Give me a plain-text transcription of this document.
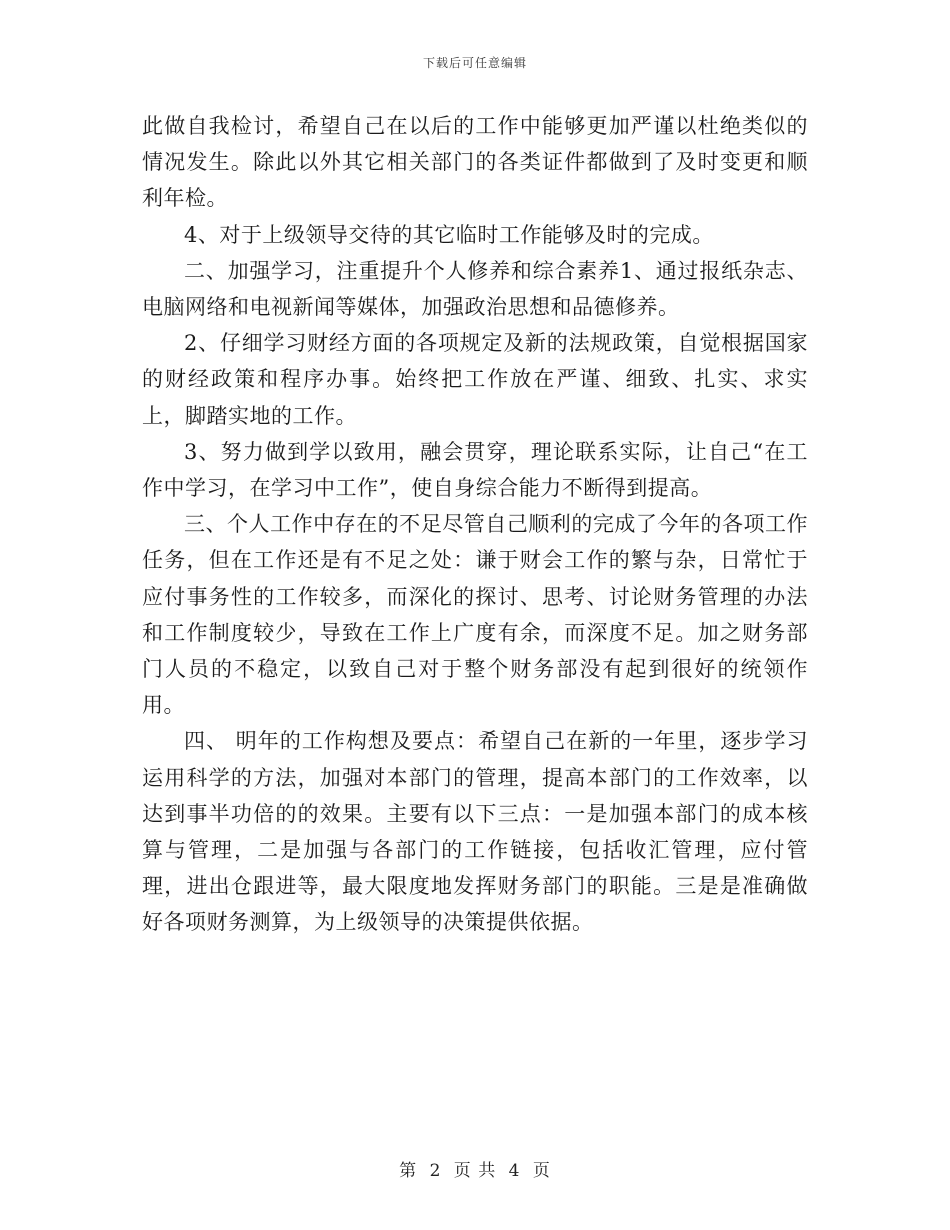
下载后可任意编辑

此做自我检讨，希望自己在以后的工作中能够更加严谨以杜绝类似的情况发生。除此以外其它相关部门的各类证件都做到了及时变更和顺利年检。

4、对于上级领导交待的其它临时工作能够及时的完成。

二、加强学习，注重提升个人修养和综合素养1、通过报纸杂志、电脑网络和电视新闻等媒体，加强政治思想和品德修养。

2、仔细学习财经方面的各项规定及新的法规政策，自觉根据国家的财经政策和程序办事。始终把工作放在严谨、细致、扎实、求实上，脚踏实地的工作。

3、努力做到学以致用，融会贯穿，理论联系实际，让自己“在工作中学习，在学习中工作”，使自身综合能力不断得到提高。

三、个人工作中存在的不足尽管自己顺利的完成了今年的各项工作任务，但在工作还是有不足之处：谦于财会工作的繁与杂，日常忙于应付事务性的工作较多，而深化的探讨、思考、讨论财务管理的办法和工作制度较少，导致在工作上广度有余，而深度不足。加之财务部门人员的不稳定，以致自己对于整个财务部没有起到很好的统领作用。

四、 明年的工作构想及要点：希望自己在新的一年里，逐步学习运用科学的方法，加强对本部门的管理，提高本部门的工作效率，以达到事半功倍的的效果。主要有以下三点：一是加强本部门的成本核算与管理，二是加强与各部门的工作链接，包括收汇管理，应付管理，进出仓跟进等，最大限度地发挥财务部门的职能。三是是准确做好各项财务测算，为上级领导的决策提供依据。

第 2 页 共 4 页
